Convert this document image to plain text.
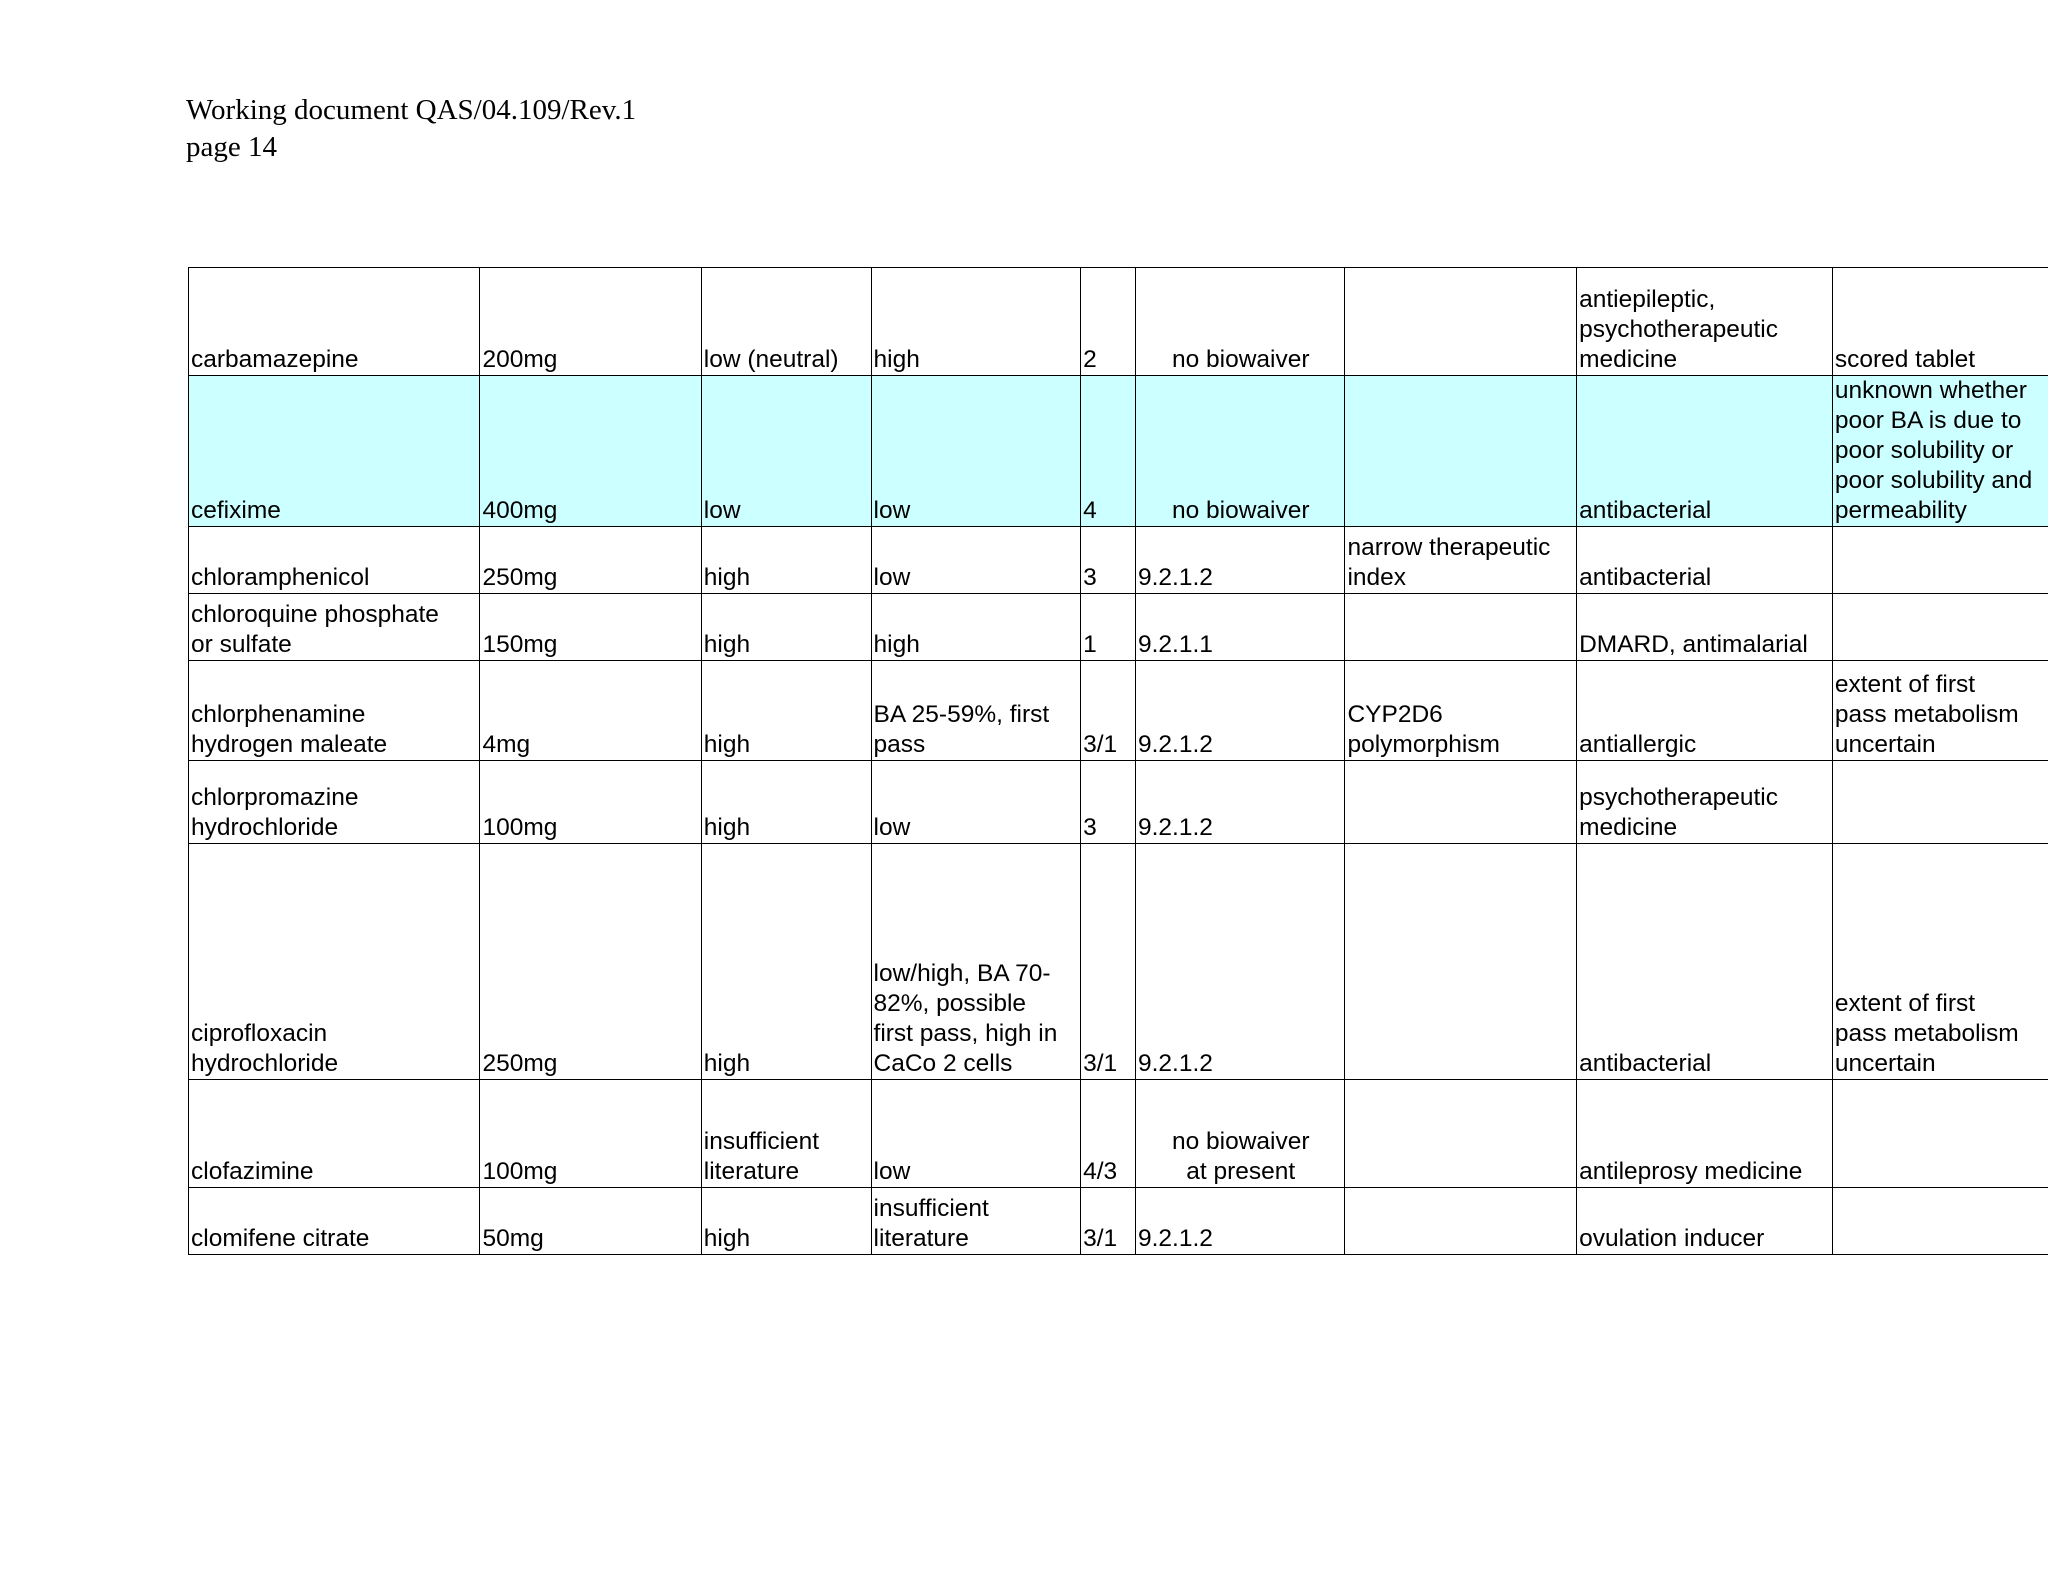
Working document QAS/04.109/Rev.1
page 14
carbamazepine	200mg	low (neutral)	high	2	no biowaiver		antiepileptic,
psychotherapeutic
medicine	scored tablet

cefixime	400mg	low	low	4	no biowaiver		antibacterial	unknown whether
poor BA is due to
poor solubility or
poor solubility and
permeability

chloramphenicol	250mg	high	low	3	9.2.1.2	narrow therapeutic
index	antibacterial	

chloroquine phosphate
or sulfate	150mg	high	high	1	9.2.1.1		DMARD, antimalarial	

chlorphenamine
hydrogen maleate	4mg	high	BA 25-59%, first
pass	3/1	9.2.1.2	CYP2D6
polymorphism	antiallergic	extent of first
pass metabolism
uncertain

chlorpromazine
hydrochloride	100mg	high	low	3	9.2.1.2		psychotherapeutic
medicine	

ciprofloxacin
hydrochloride	250mg	high	low/high, BA 70-
82%, possible
first pass, high in
CaCo 2 cells	3/1	9.2.1.2		antibacterial	extent of first
pass metabolism
uncertain

clofazimine	100mg	insufficient
literature	low	4/3	no biowaiver
at present		antileprosy medicine	

clomifene citrate	50mg	high	insufficient
literature	3/1	9.2.1.2		ovulation inducer	
